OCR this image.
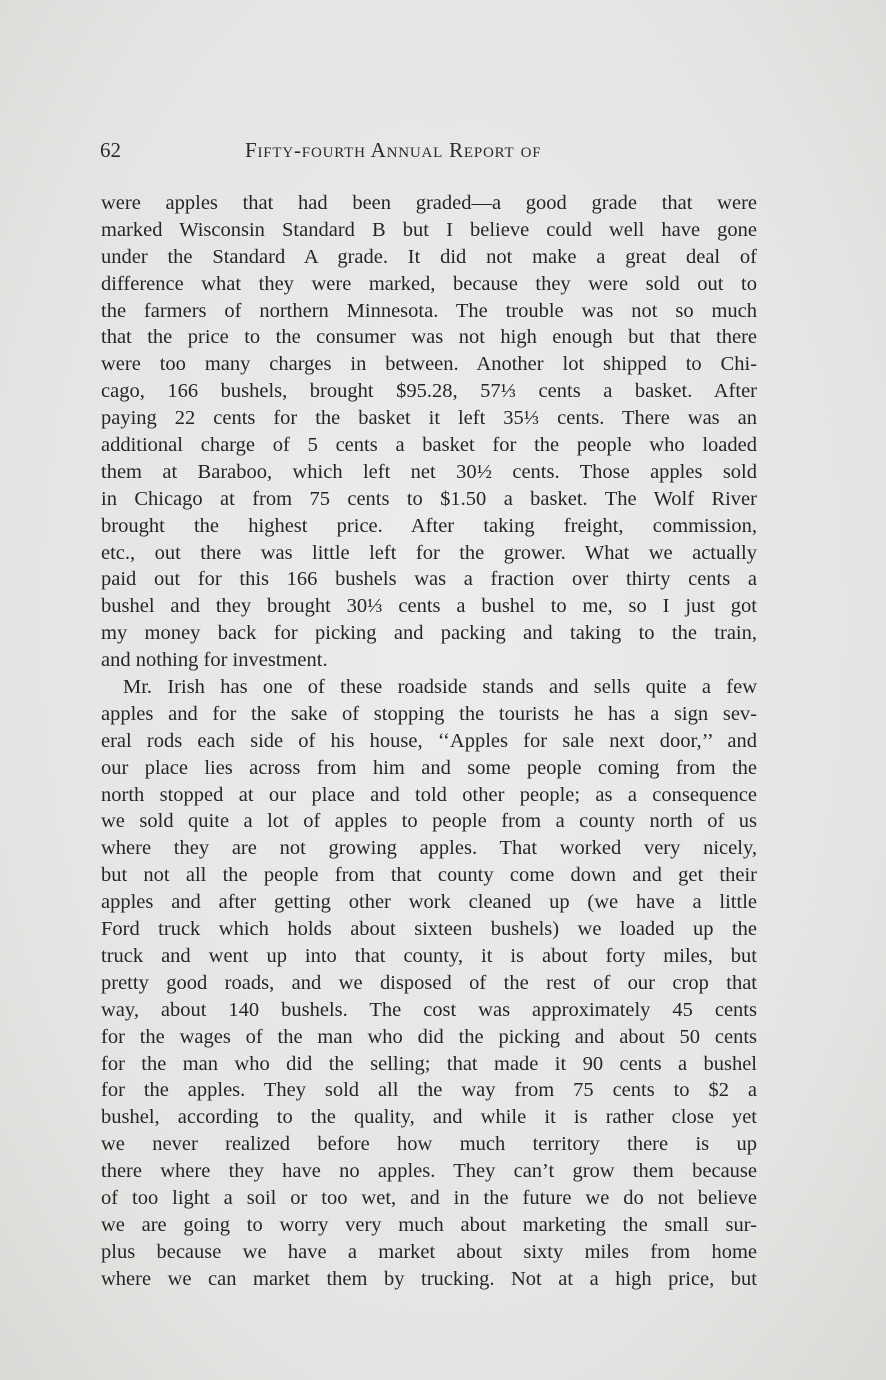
62	Fifty-fourth Annual Report of
were apples that had been graded—a good grade that were
marked Wisconsin Standard B but I believe could well have gone
under the Standard A grade. It did not make a great deal of
difference what they were marked, because they were sold out to
the farmers of northern Minnesota. The trouble was not so much
that the price to the consumer was not high enough but that there
were too many charges in between. Another lot shipped to Chi-
cago, 166 bushels, brought $95.28, 57⅓ cents a basket. After
paying 22 cents for the basket it left 35⅓ cents. There was an
additional charge of 5 cents a basket for the people who loaded
them at Baraboo, which left net 30½ cents. Those apples sold
in Chicago at from 75 cents to $1.50 a basket. The Wolf River
brought the highest price. After taking freight, commission,
etc., out there was little left for the grower. What we actually
paid out for this 166 bushels was a fraction over thirty cents a
bushel and they brought 30⅓ cents a bushel to me, so I just got
my money back for picking and packing and taking to the train,
and nothing for investment.
Mr. Irish has one of these roadside stands and sells quite a few
apples and for the sake of stopping the tourists he has a sign sev-
eral rods each side of his house, ‘‘Apples for sale next door,’’ and
our place lies across from him and some people coming from the
north stopped at our place and told other people; as a consequence
we sold quite a lot of apples to people from a county north of us
where they are not growing apples. That worked very nicely,
but not all the people from that county come down and get their
apples and after getting other work cleaned up (we have a little
Ford truck which holds about sixteen bushels) we loaded up the
truck and went up into that county, it is about forty miles, but
pretty good roads, and we disposed of the rest of our crop that
way, about 140 bushels. The cost was approximately 45 cents
for the wages of the man who did the picking and about 50 cents
for the man who did the selling; that made it 90 cents a bushel
for the apples. They sold all the way from 75 cents to $2 a
bushel, according to the quality, and while it is rather close yet
we never realized before how much territory there is up
there where they have no apples. They can’t grow them because
of too light a soil or too wet, and in the future we do not believe
we are going to worry very much about marketing the small sur-
plus because we have a market about sixty miles from home
where we can market them by trucking. Not at a high price, but
